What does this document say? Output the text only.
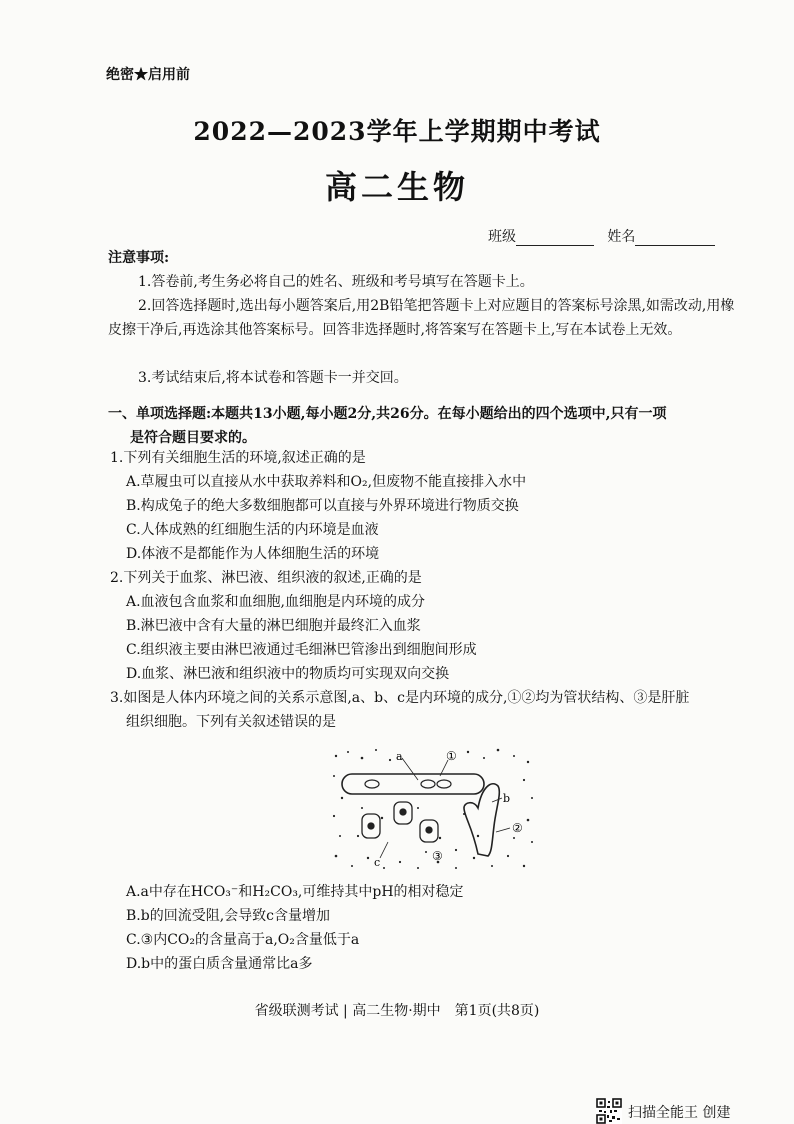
绝密★启用前
2022—2023学年上学期期中考试
高二生物
班级	姓名
注意事项:
1.答卷前,考生务必将自己的姓名、班级和考号填写在答题卡上。
2.回答选择题时,选出每小题答案后,用2B铅笔把答题卡上对应题目的答案标号涂黑,如需改动,用橡皮擦干净后,再选涂其他答案标号。回答非选择题时,将答案写在答题卡上,写在本试卷上无效。
3.考试结束后,将本试卷和答题卡一并交回。
一、单项选择题:本题共13小题,每小题2分,共26分。在每小题给出的四个选项中,只有一项
是符合题目要求的。
1.下列有关细胞生活的环境,叙述正确的是
A.草履虫可以直接从水中获取养料和O₂,但废物不能直接排入水中
B.构成兔子的绝大多数细胞都可以直接与外界环境进行物质交换
C.人体成熟的红细胞生活的内环境是血液
D.体液不是都能作为人体细胞生活的环境
2.下列关于血浆、淋巴液、组织液的叙述,正确的是
A.血液包含血浆和血细胞,血细胞是内环境的成分
B.淋巴液中含有大量的淋巴细胞并最终汇入血浆
C.组织液主要由淋巴液通过毛细淋巴管渗出到细胞间形成
D.血浆、淋巴液和组织液中的物质均可实现双向交换
3.如图是人体内环境之间的关系示意图,a、b、c是内环境的成分,①②均为管状结构、③是肝脏
组织细胞。下列有关叙述错误的是
a	①
b
②
c	③
A.a中存在HCO₃⁻和H₂CO₃,可维持其中pH的相对稳定
B.b的回流受阻,会导致c含量增加
C.③内CO₂的含量高于a,O₂含量低于a
D.b中的蛋白质含量通常比a多
省级联测考试 | 高二生物·期中　第1页(共8页)
扫描全能王 创建
